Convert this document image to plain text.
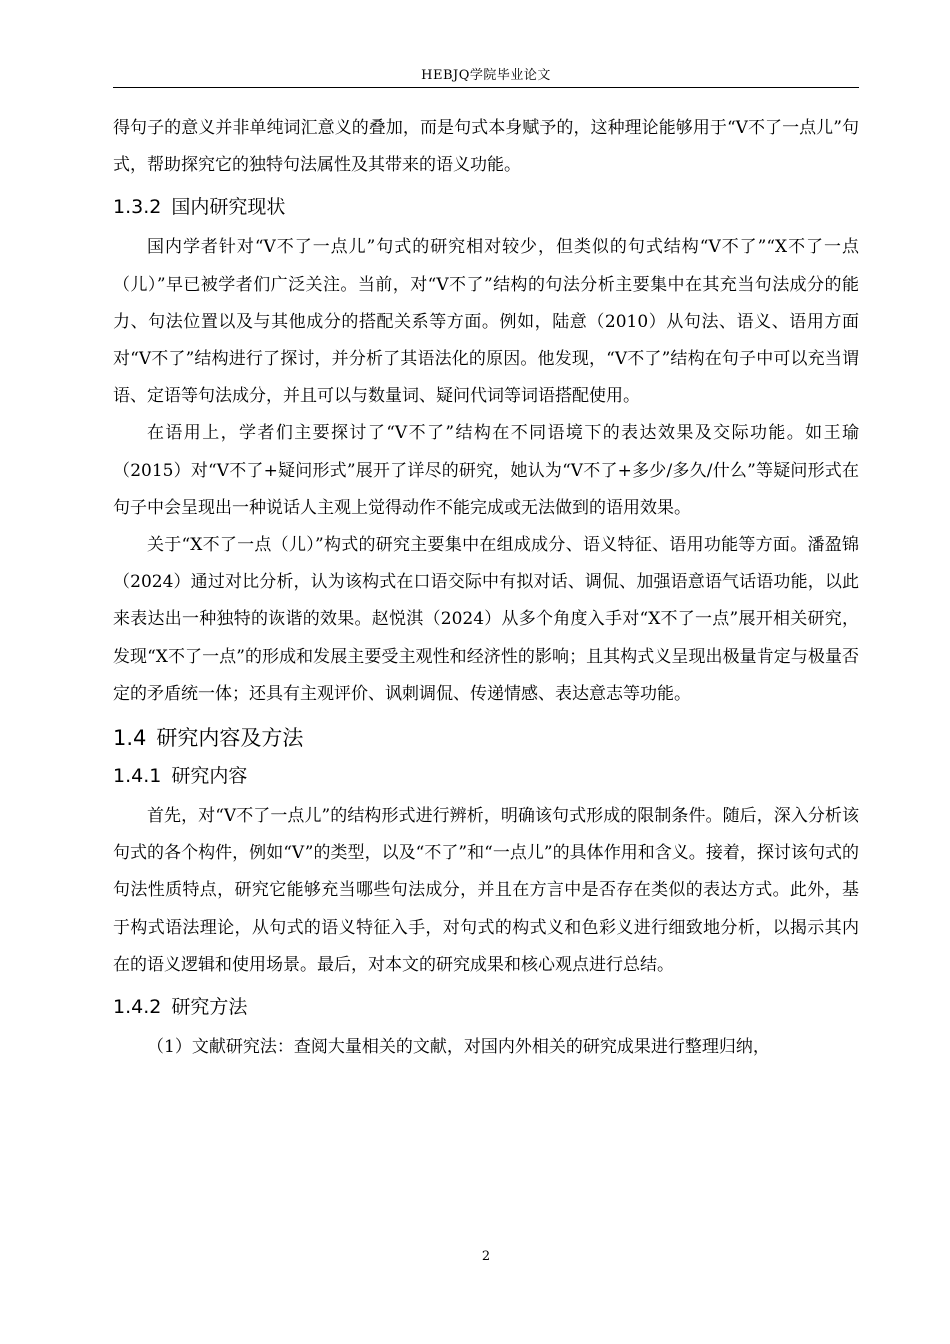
HEBJQ学院毕业论文

得句子的意义并非单纯词汇意义的叠加，而是句式本身赋予的，这种理论能够用于“V不了一点儿”句式，帮助探究它的独特句法属性及其带来的语义功能。

1.3.2 国内研究现状

国内学者针对“V不了一点儿”句式的研究相对较少，但类似的句式结构“V不了”“X不了一点（儿）”早已被学者们广泛关注。当前，对“V不了”结构的句法分析主要集中在其充当句法成分的能力、句法位置以及与其他成分的搭配关系等方面。例如，陆意（2010）从句法、语义、语用方面对“V不了”结构进行了探讨，并分析了其语法化的原因。他发现，“V不了”结构在句子中可以充当谓语、定语等句法成分，并且可以与数量词、疑问代词等词语搭配使用。

在语用上，学者们主要探讨了“V不了”结构在不同语境下的表达效果及交际功能。如王瑜（2015）对“V不了+疑问形式”展开了详尽的研究，她认为“V不了+多少/多久/什么”等疑问形式在句子中会呈现出一种说话人主观上觉得动作不能完成或无法做到的语用效果。

关于“X不了一点（儿）”构式的研究主要集中在组成成分、语义特征、语用功能等方面。潘盈锦（2024）通过对比分析，认为该构式在口语交际中有拟对话、调侃、加强语意语气话语功能，以此来表达出一种独特的诙谐的效果。赵悦淇（2024）从多个角度入手对“X不了一点”展开相关研究，发现“X不了一点”的形成和发展主要受主观性和经济性的影响；且其构式义呈现出极量肯定与极量否定的矛盾统一体；还具有主观评价、讽刺调侃、传递情感、表达意志等功能。

1.4 研究内容及方法
1.4.1 研究内容

首先，对“V不了一点儿”的结构形式进行辨析，明确该句式形成的限制条件。随后，深入分析该句式的各个构件，例如“V”的类型，以及“不了”和“一点儿”的具体作用和含义。接着，探讨该句式的句法性质特点，研究它能够充当哪些句法成分，并且在方言中是否存在类似的表达方式。此外，基于构式语法理论，从句式的语义特征入手，对句式的构式义和色彩义进行细致地分析，以揭示其内在的语义逻辑和使用场景。最后，对本文的研究成果和核心观点进行总结。

1.4.2 研究方法

（1）文献研究法：查阅大量相关的文献，对国内外相关的研究成果进行整理归纳，

2
